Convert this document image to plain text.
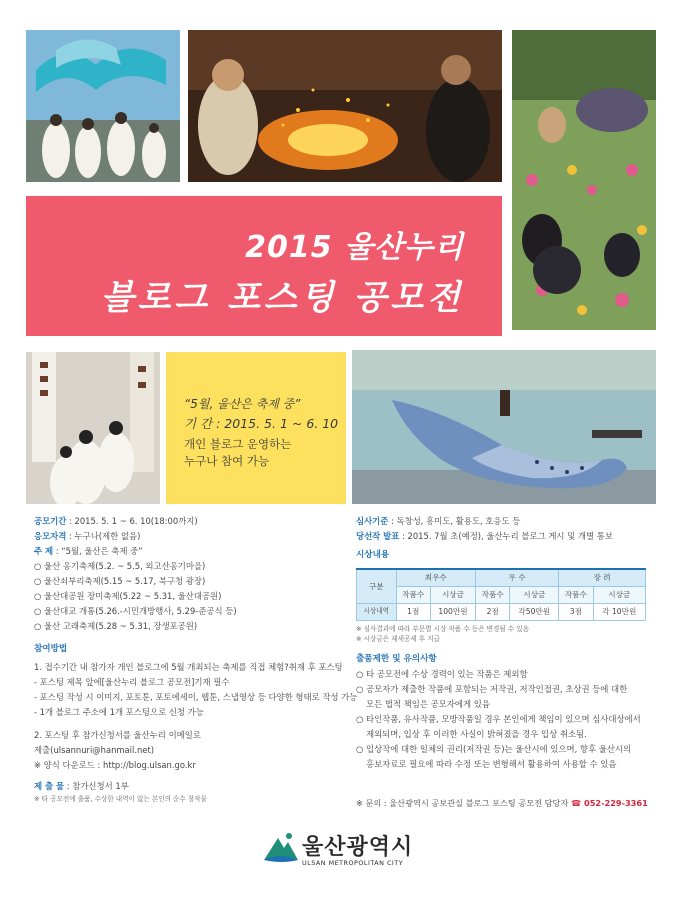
2015 울산누리
블로그 포스팅 공모전
“5월, 울산은 축제 중”
기 간 : 2015. 5. 1 ~ 6. 10
개인 블로그 운영하는
누구나 참여 가능
공모기간 : 2015. 5. 1 ~ 6. 10(18:00까지)
응모자격 : 누구나(제한 없음)
주 제 : “5월, 울산은 축제 중”
○ 울산 옹기축제(5.2. ~ 5.5, 외고산옹기마을)
○ 울산쇠부리축제(5.15 ~ 5.17, 북구청 광장)
○ 울산대공원 장미축제(5.22 ~ 5.31, 울산대공원)
○ 울산대교 개통(5.26.-시민개방행사, 5.29-준공식 등)
○ 울산 고래축제(5.28 ~ 5.31, 장생포공원)
참여방법
1. 접수기간 내 참가자 개인 블로그에 5월 개최되는 축제를 직접 체험?취재 후 포스팅
- 포스팅 제목 앞에[울산누리 블로그 공모전]기재 필수
- 포스팅 작성 시 이미지, 포토툰, 포토에세이, 웹툰, 스냅영상 등 다양한 형태로 작성 가능
- 1개 블로그 주소에 1개 포스팅으로 신청 가능
2. 포스팅 후 참가신청서를 울산누리 이메일로
제출(ulsannuri@hanmail.net)
※ 양식 다운로드 : http://blog.ulsan.go.kr
제 출 물 : 참가신청서 1부
※ 타 공모전에 출품, 수상한 내역이 없는 본인의 순수 창작물
심사기준 : 독창성, 흥미도, 활용도, 호응도 등
당선작 발표 : 2015. 7월 초(예정), 울산누리 블로그 게시 및 개별 통보
시상내용
구분	최우수		우 수		장 려	
	작품수	시상금	작품수	시상금	작품수	시상금
시상내역	1점	100만원	2점	각50만원	3점	각 10만원
※ 심사결과에 따라 부문별 시상 작품 수 등은 변경될 수 있음
※ 시상금은 제세공제 후 지급
출품제한 및 유의사항
○ 타 공모전에 수상 경력이 있는 작품은 제외함
○ 공모자가 제출한 작품에 포함되는 저작권, 저작인접권, 초상권 등에 대한
모든 법적 책임은 공모자에게 있음
○ 타인작품, 유사작품, 모방작품일 경우 본인에게 책임이 있으며 심사대상에서
제외되며, 입상 후 이러한 사실이 밝혀졌을 경우 입상 취소됨.
○ 입상작에 대한 일체의 권리(저작권 등)는 울산시에 있으며, 향후 울산시의
홍보자료로 필요에 따라 수정 또는 변형해서 활용하여 사용할 수 있음
※ 문의 : 울산광역시 공보관실 블로그 포스팅 공모전 담당자 ☎ 052-229-3361
울산광역시
ULSAN METROPOLITAN CITY
